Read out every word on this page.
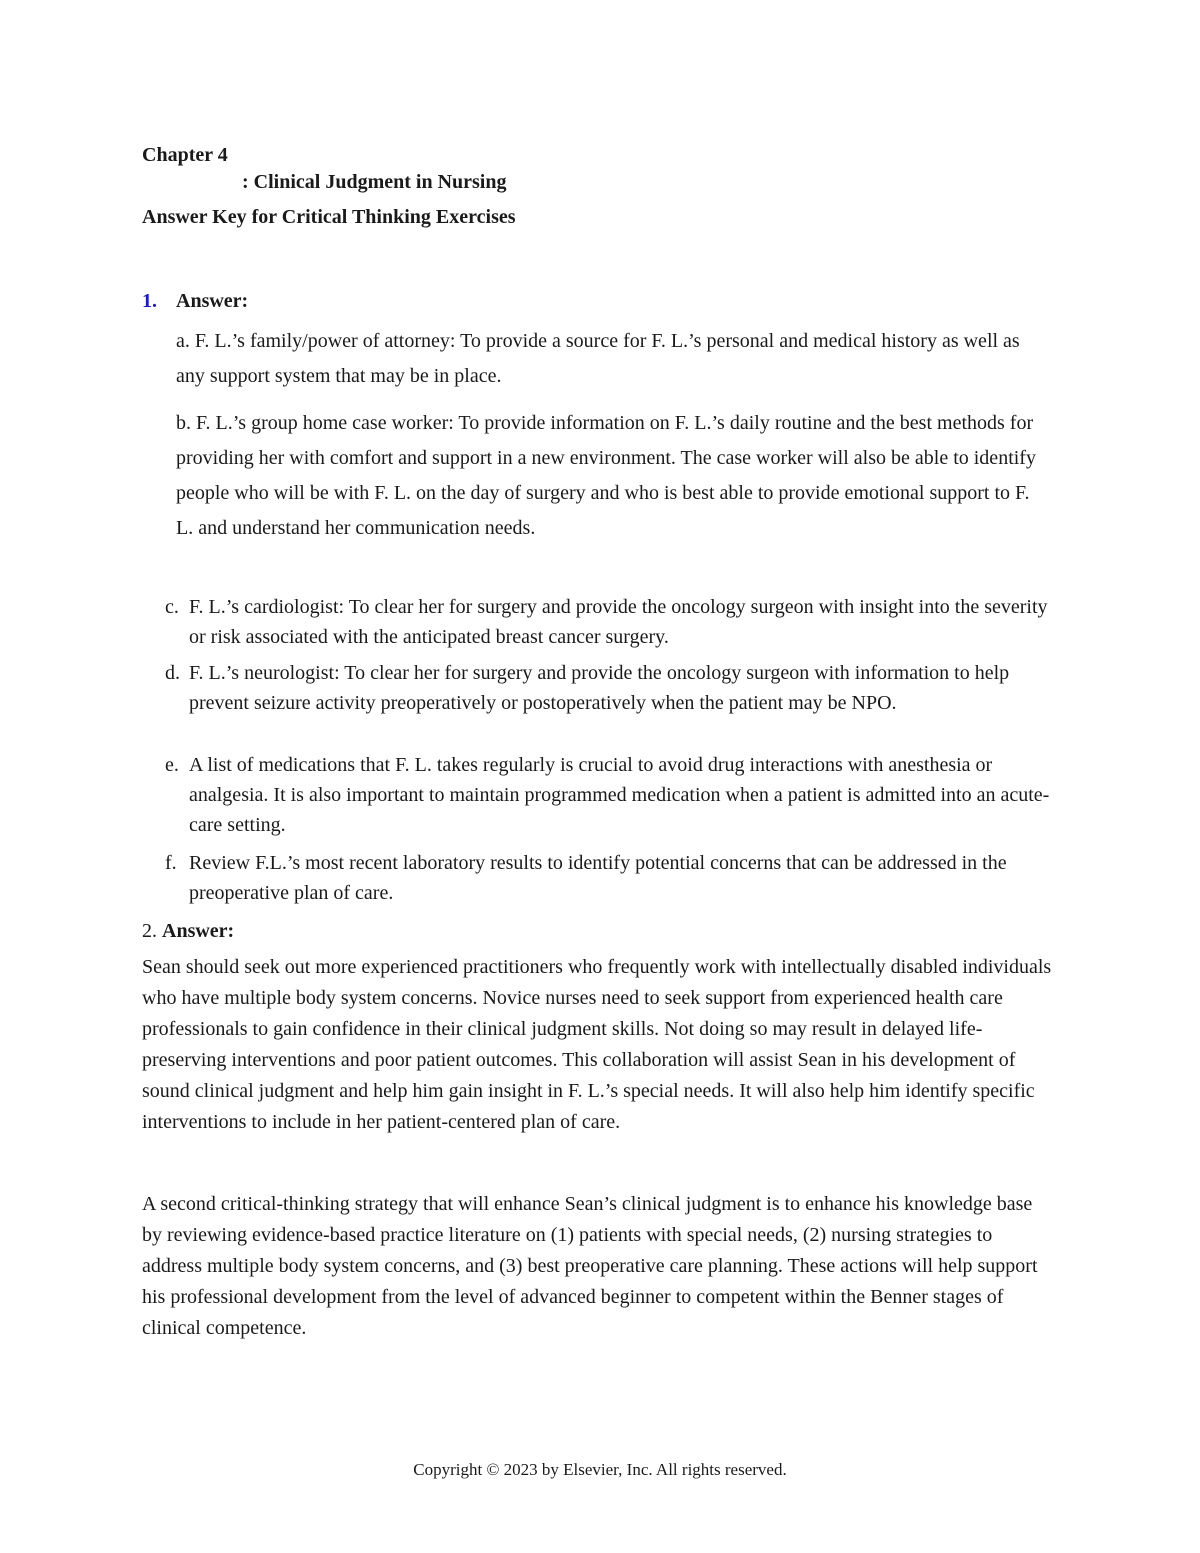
Chapter 4
: Clinical Judgment in Nursing
Answer Key for Critical Thinking Exercises
1. Answer:
a. F. L.’s family/power of attorney: To provide a source for F. L.’s personal and medical history as well as any support system that may be in place.
b. F. L.’s group home case worker: To provide information on F. L.’s daily routine and the best methods for providing her with comfort and support in a new environment. The case worker will also be able to identify people who will be with F. L. on the day of surgery and who is best able to provide emotional support to F. L. and understand her communication needs.
c. F. L.’s cardiologist: To clear her for surgery and provide the oncology surgeon with insight into the severity or risk associated with the anticipated breast cancer surgery.
d. F. L.’s neurologist: To clear her for surgery and provide the oncology surgeon with information to help prevent seizure activity preoperatively or postoperatively when the patient may be NPO.
e. A list of medications that F. L. takes regularly is crucial to avoid drug interactions with anesthesia or analgesia. It is also important to maintain programmed medication when a patient is admitted into an acute-care setting.
f. Review F.L.’s most recent laboratory results to identify potential concerns that can be addressed in the preoperative plan of care.
2. Answer:
Sean should seek out more experienced practitioners who frequently work with intellectually disabled individuals who have multiple body system concerns. Novice nurses need to seek support from experienced health care professionals to gain confidence in their clinical judgment skills. Not doing so may result in delayed life-preserving interventions and poor patient outcomes. This collaboration will assist Sean in his development of sound clinical judgment and help him gain insight in F. L.’s special needs. It will also help him identify specific interventions to include in her patient-centered plan of care.
A second critical-thinking strategy that will enhance Sean’s clinical judgment is to enhance his knowledge base by reviewing evidence-based practice literature on (1) patients with special needs, (2) nursing strategies to address multiple body system concerns, and (3) best preoperative care planning. These actions will help support his professional development from the level of advanced beginner to competent within the Benner stages of clinical competence.
Copyright © 2023 by Elsevier, Inc. All rights reserved.
